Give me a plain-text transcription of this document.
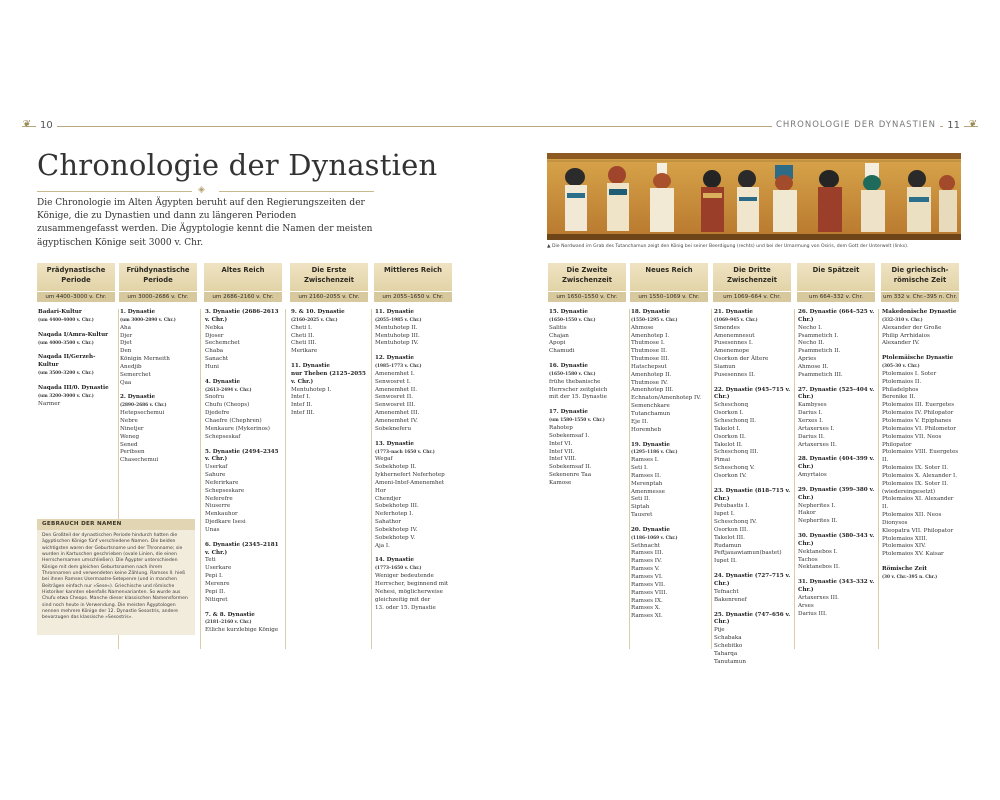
❦ 10	CHRONOLOGIE DER DYNASTIEN	11 ❦
Chronologie der Dynastien
◈
Die Chronologie im Alten Ägypten beruht auf den Regierungszeiten der Könige, die zu Dynastien und dann zu längeren Perioden zusammengefasst werden. Die Ägyptologie kennt die Namen der meisten ägyptischen Könige seit 3000 v. Chr.	▲ Die Nordwand im Grab des Tutanchamun zeigt den König bei seiner Beerdigung (rechts) und bei der Umarmung von Osiris, dem Gott der Unterwelt (links).
Prädynastische Periode
um 4400–3000 v. Chr.
Badari-Kultur
(um 4400–4000 v. Chr.)
Naqada I/Amra-Kultur
(um 4000–3500 v. Chr.)
Naqada II/Gerzeh-Kultur
(um 3500–3200 v. Chr.)
Naqada III/0. Dynastie
(um 3200–3000 v. Chr.)
Narmer
Frühdynastische Periode
um 3000–2686 v. Chr.
1. Dynastie
(um 3000–2890 v. Chr.)
Aha
Djer
Djet
Den
Königin Merneith
Anedjib
Semerchet
Qaa
2. Dynastie
(2890–2686 v. Chr.)
Hetepsechemui
Nebre
Ninetjer
Weneg
Sened
Peribsen
Chasechemui
Altes Reich
um 2686–2160 v. Chr.
3. Dynastie (2686–2613 v. Chr.)
Nebka
Djoser
Sechemchet
Chaba
Sanacht
Huni
4. Dynastie
(2613–2494 v. Chr.)
Snofru
Chufu (Cheops)
Djedefre
Chaefre (Chephren)
Menkaure (Mykerinos)
Schepseskaf
5. Dynastie (2494–2345 v. Chr.)
Userkaf
Sahure
Neferirkare
Schepseskare
Neferefre
Niuserre
Menkauhor
Djedkare Isesi
Unas
6. Dynastie (2345–2181 v. Chr.)
Teti
Userkare
Pepi I.
Merenre
Pepi II.
Nitiqret
7. & 8. Dynastie
(2181–2160 v. Chr.)
Etliche kurzlebige Könige
Die Erste Zwischenzeit
um 2160–2055 v. Chr.
9. & 10. Dynastie
(2160–2025 v. Chr.)
Cheti I.
Cheti II.
Cheti III.
Merikare
11. Dynastie
nur Theben (2125–2055 v. Chr.)
Mentuhotep I.
Intef I.
Intef II.
Intef III.
Mittleres Reich
um 2055–1650 v. Chr.
11. Dynastie
(2055–1985 v. Chr.)
Mentuhotep II.
Mentuhotep III.
Mentuhotep IV.
12. Dynastie
(1985–1773 v. Chr.)
Amenemhet I.
Senwosret I.
Amenemhet II.
Senwosret II.
Senwosret III.
Amenemhet III.
Amenemhet IV.
Sobekneferu
13. Dynastie
(1773–nach 1650 v. Chr.)
Wegaf
Sobekhotep II.
Iykhernefert Neferhotep
Ameni-Intef-Amenemhet
Hor
Chendjer
Sobekhotep III.
Neferhotep I.
Sahathor
Sobekhotep IV.
Sobekhotep V.
Aja I.
14. Dynastie
(1773–1650 v. Chr.)
Weniger bedeutende
Herrscher, beginnend mit
Nehesi, möglicherweise
gleichzeitig mit der
13. oder 15. Dynastie
Die Zweite Zwischenzeit
um 1650–1550 v. Chr.
15. Dynastie
(1650–1550 v. Chr.)
Salitis
Chajan
Apopi
Chamudi
16. Dynastie
(1650–1580 v. Chr.)
frühe thebanische
Herrscher zeitgleich
mit der 15. Dynastie
17. Dynastie
(um 1580–1550 v. Chr.)
Rahotep
Sobekemsaf I.
Intef VI.
Intef VII.
Intef VIII.
Sobekemsaf II.
Sekenenre Taa
Kamose
Neues Reich
um 1550–1069 v. Chr.
18. Dynastie
(1550–1295 v. Chr.)
Ahmose
Amenhotep I.
Thutmose I.
Thutmose II.
Thutmose III.
Hatschepsut
Amenhotep II.
Thutmose IV.
Amenhotep III.
Echnaton/Amenhotep IV.
Semenchkare
Tutanchamun
Eje II.
Horemheb
19. Dynastie
(1295–1186 v. Chr.)
Ramses I.
Seti I.
Ramses II.
Merenptah
Amenmesse
Seti II.
Siptah
Tausret
20. Dynastie
(1186–1069 v. Chr.)
Sethnacht
Ramses III.
Ramses IV.
Ramses V.
Ramses VI.
Ramses VII.
Ramses VIII.
Ramses IX.
Ramses X.
Ramses XI.
Die Dritte Zwischenzeit
um 1069–664 v. Chr.
21. Dynastie
(1069–945 v. Chr.)
Smendes
Amenemnesut
Pusesennes I.
Amenemope
Osorkon der Ältere
Siamun
Pusesennes II.
22. Dynastie (945–715 v. Chr.)
Scheschonq
Osorkon I.
Scheschonq II.
Takelot I.
Osorkon II.
Takelot II.
Scheschonq III.
Pimai
Scheschonq V.
Osorkon IV.
23. Dynastie (818–715 v. Chr.)
Petubastis I.
Iupet I.
Scheschonq IV.
Osorkon III.
Takelot III.
Rudamun
Peftjauawiamun(bastet)
Iupet II.
24. Dynastie (727–715 v. Chr.)
Tefnacht
Bakenrenef
25. Dynastie (747–656 v. Chr.)
Pije
Schabaka
Schebitko
Taharqa
Tanutamun
Die Spätzeit
um 664–332 v. Chr.
26. Dynastie (664–525 v. Chr.)
Necho I.
Psammetich I.
Necho II.
Psammetich II.
Apries
Ahmose II.
Psammetich III.
27. Dynastie (525–404 v. Chr.)
Kambyses
Darius I.
Xerxes I.
Artaxerxes I.
Darius II.
Artaxerxes II.
28. Dynastie (404–399 v. Chr.)
Amyrtaios
29. Dynastie (399–380 v. Chr.)
Nepherites I.
Hakor
Nepherites II.
30. Dynastie (380–343 v. Chr.)
Nektanebos I.
Tachos
Nektanebos II.
31. Dynastie (343–332 v. Chr.)
Artaxerxes III.
Arses
Darius III.
Die griechisch-römische Zeit
um 332 v. Chr.–395 n. Chr.
Makedonische Dynastie
(332–310 v. Chr.)
Alexander der Große
Philip Arrhidaios
Alexander IV.
Ptolemäische Dynastie
(305–30 v. Chr.)
Ptolemaios I. Soter
Ptolemaios II. Philadelphos
Berenike II.
Ptolemaios III. Euergetes
Ptolemaios IV. Philopator
Ptolemaios V. Epiphanes
Ptolemaios VI. Philometor
Ptolemaios VII. Neos
Philopator
Ptolemaios VIII. Euergetes II.
Ptolemaios IX. Soter II.
Ptolemaios X. Alexander I.
Ptolemaios IX. Soter II.
(wiedereingesetzt)
Ptolemaios XI. Alexander II.
Ptolemaios XII. Neos
Dionysos
Kleopatra VII. Philopator
Ptolemaios XIII.
Ptolemaios XIV.
Ptolemaios XV. Kaisar
Römische Zeit
(30 v. Chr.–395 n. Chr.)
GEBRAUCH DER NAMEN
Den Großteil der dynastischen Periode hindurch hatten die ägyptischen Könige fünf verschiedene Namen. Die beiden wichtigsten waren der Geburtsname und der Thronname; sie wurden in Kartuschen geschrieben (ovale Linien, die einen Herrschernamen umschließen). Die Ägypter unterschieden Könige mit dem gleichen Geburtsnamen nach ihrem Thronnamen und verwendeten keine Zählung. Ramses II. hieß bei ihnen Ramses Usermaatre-Setepenre (und in manchen Beiträgen einfach nur »Sese«). Griechische und römische Historiker kannten ebenfalls Namenvarianten. So wurde aus Chufu etwa Cheops. Manche dieser klassischen Namensformen sind noch heute in Verwendung. Die meisten Ägyptologen nennen mehrere Könige der 12. Dynastie Sesostris, andere bevorzugen das klassische »Sesostris«.
